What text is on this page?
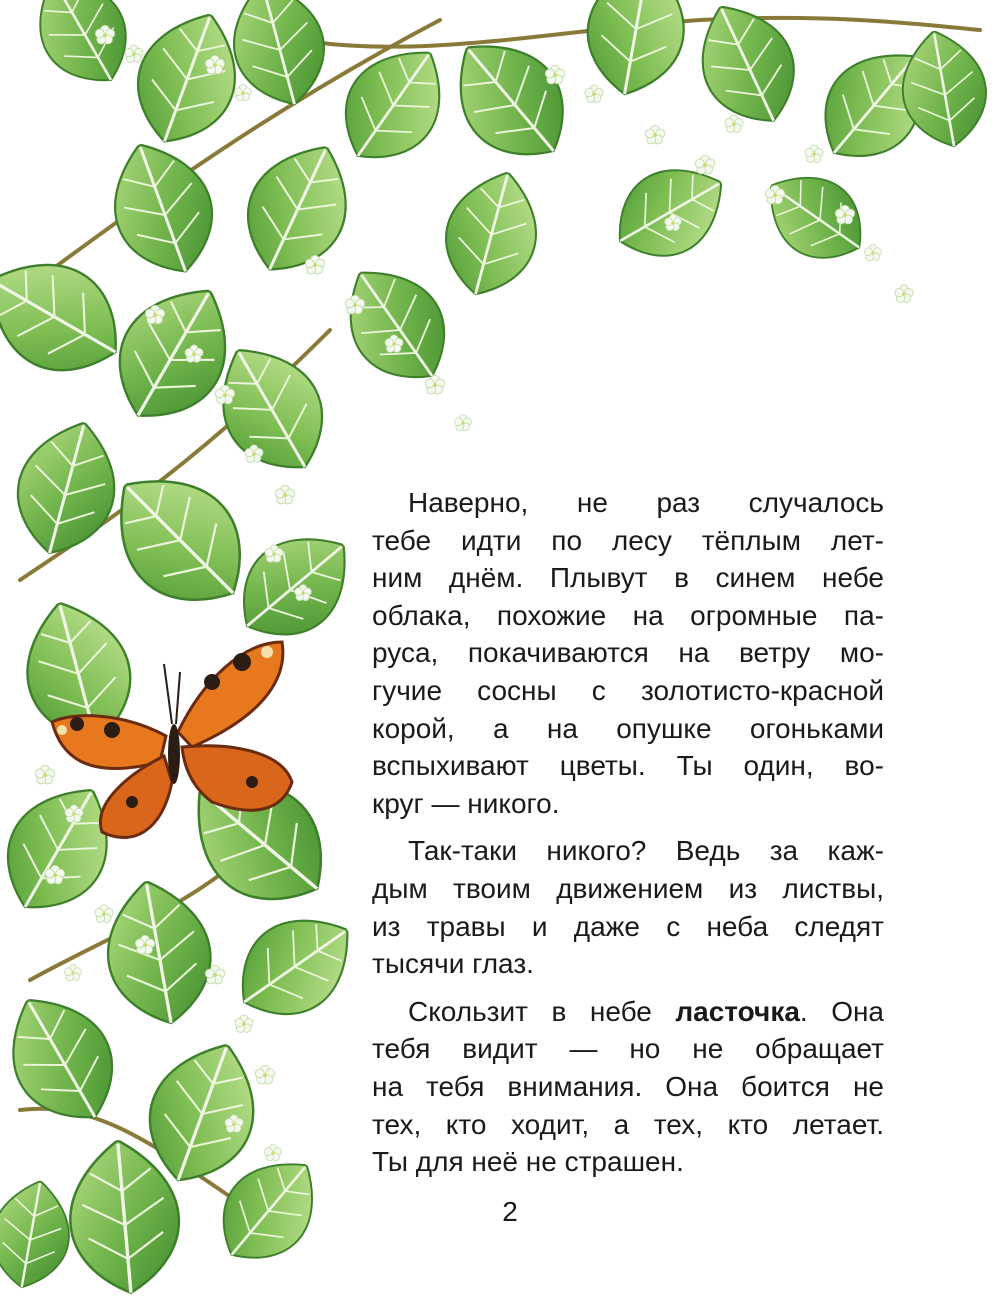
Наверно, не раз случалось
тебе идти по лесу тёплым лет-
ним днём. Плывут в синем небе
облака, похожие на огромные па-
руса, покачиваются на ветру мо-
гучие сосны с золотисто-красной
корой, а на опушке огоньками
вспыхивают цветы. Ты один, во-
круг — никого.

Так-таки никого? Ведь за каж-
дым твоим движением из листвы,
из травы и даже с неба следят
тысячи глаз.

Скользит в небе ласточка. Она
тебя видит — но не обращает
на тебя внимания. Она боится не
тех, кто ходит, а тех, кто летает.
Ты для неё не страшен.

2
